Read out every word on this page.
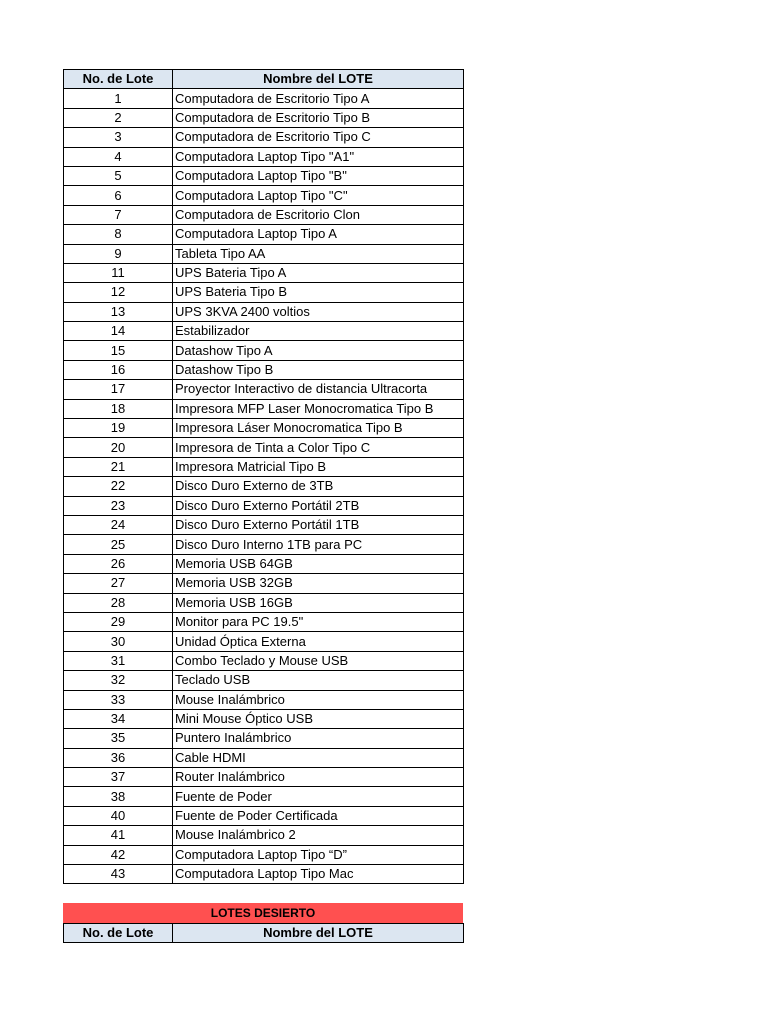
No. de Lote	Nombre del LOTE
1	Computadora de Escritorio Tipo A
2	Computadora de Escritorio Tipo B
3	Computadora de Escritorio Tipo C
4	Computadora Laptop Tipo "A1"
5	Computadora Laptop Tipo "B"
6	Computadora Laptop Tipo "C"
7	Computadora de Escritorio Clon
8	Computadora Laptop Tipo A
9	Tableta Tipo AA
11	UPS Bateria Tipo A
12	UPS Bateria Tipo B
13	UPS 3KVA 2400 voltios
14	Estabilizador
15	Datashow Tipo A
16	Datashow Tipo B
17	Proyector Interactivo de distancia Ultracorta
18	Impresora MFP Laser Monocromatica Tipo B
19	Impresora Láser Monocromatica Tipo B
20	Impresora de Tinta a Color Tipo C
21	Impresora Matricial Tipo B
22	Disco Duro Externo de 3TB
23	Disco Duro Externo Portátil 2TB
24	Disco Duro Externo Portátil 1TB
25	Disco Duro Interno 1TB para PC
26	Memoria USB 64GB
27	Memoria USB 32GB
28	Memoria USB 16GB
29	Monitor para PC 19.5"
30	Unidad Óptica Externa
31	Combo Teclado y Mouse USB
32	Teclado USB
33	Mouse Inalámbrico
34	Mini Mouse Óptico USB
35	Puntero Inalámbrico
36	Cable HDMI
37	Router Inalámbrico
38	Fuente de Poder
40	Fuente de Poder Certificada
41	Mouse Inalámbrico 2
42	Computadora Laptop Tipo “D”
43	Computadora Laptop Tipo Mac
LOTES DESIERTO
No. de Lote	Nombre del LOTE
